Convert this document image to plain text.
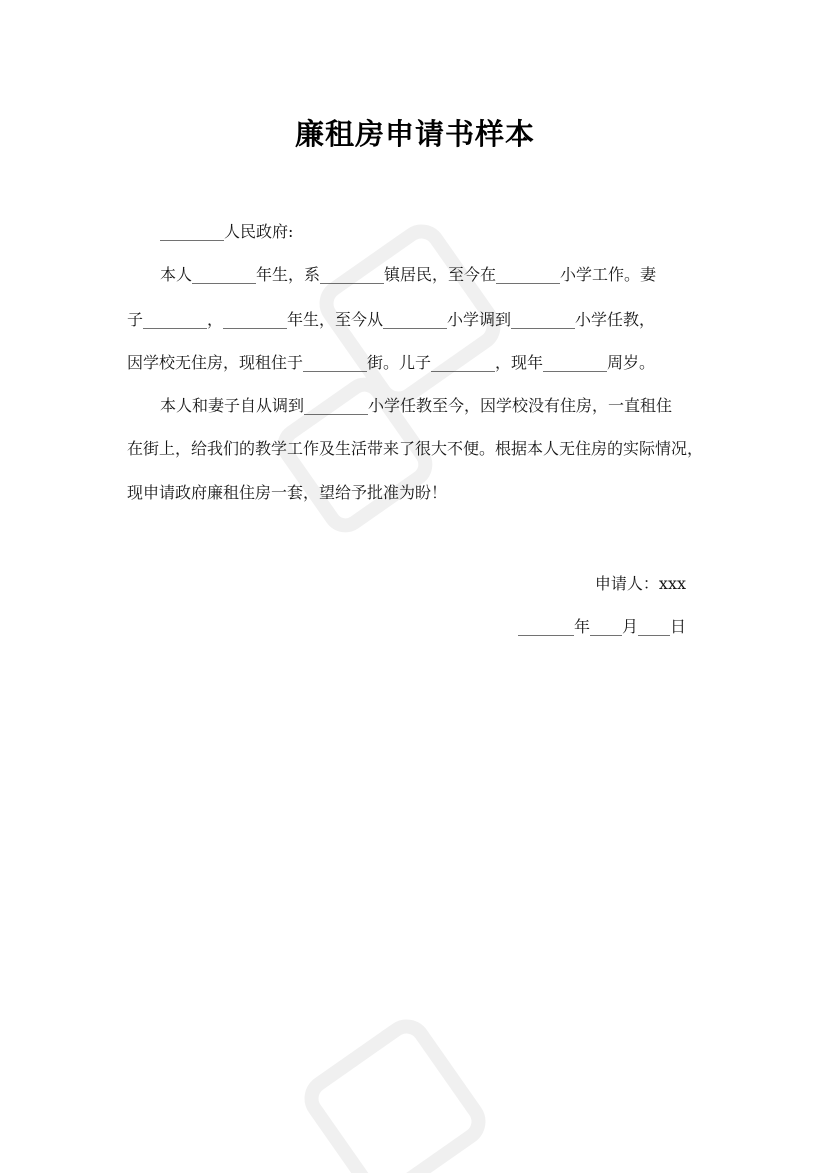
廉租房申请书样本
________人民政府:
本人________年生，系________镇居民，至今在________小学工作。妻
子________，________年生，至今从________小学调到________小学任教，
因学校无住房，现租住于________街。儿子________，现年________周岁。
本人和妻子自从调到________小学任教至今，因学校没有住房，一直租住
在街上，给我们的教学工作及生活带来了很大不便。根据本人无住房的实际情况，
现申请政府廉租住房一套，望给予批准为盼！
申请人：xxx
_______年____月____日
